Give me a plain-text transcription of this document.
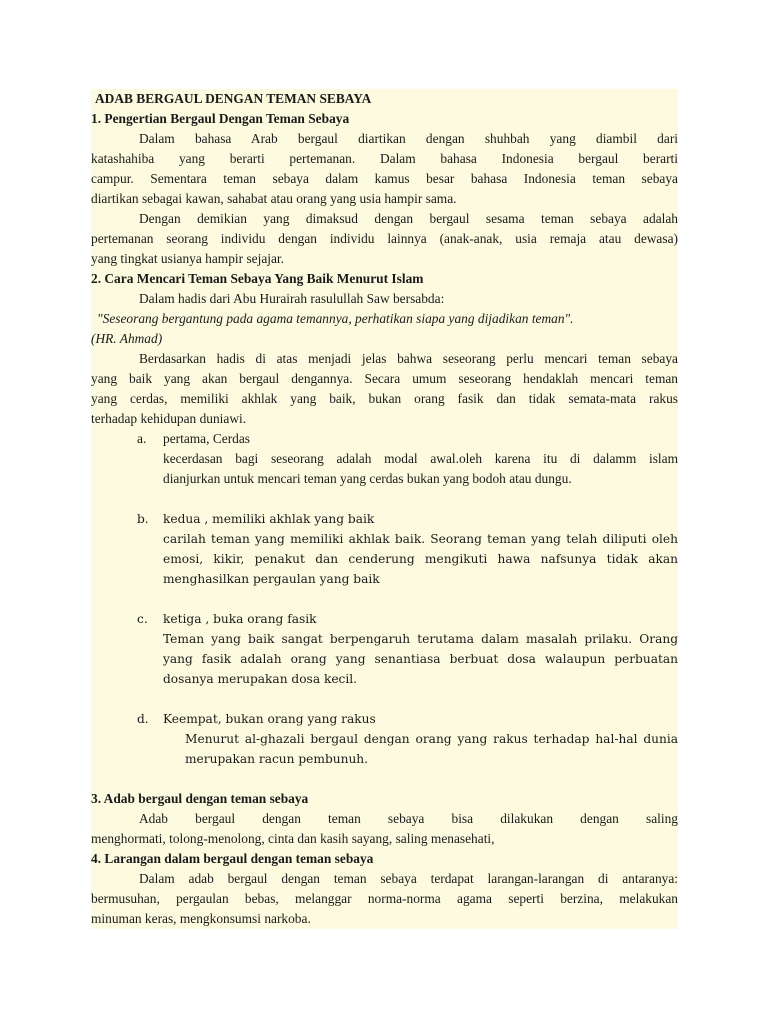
ADAB BERGAUL DENGAN TEMAN SEBAYA
1. Pengertian Bergaul Dengan Teman Sebaya
Dalam bahasa Arab bergaul diartikan dengan shuhbah yang diambil dari
katashahiba yang berarti pertemanan. Dalam bahasa Indonesia bergaul berarti
campur. Sementara teman sebaya dalam kamus besar bahasa Indonesia teman sebaya
diartikan sebagai kawan, sahabat atau orang yang usia hampir sama.
Dengan demikian yang dimaksud dengan bergaul sesama teman sebaya adalah
pertemanan seorang individu dengan individu lainnya (anak-anak, usia remaja atau dewasa)
yang tingkat usianya hampir sejajar.
2. Cara Mencari Teman Sebaya Yang Baik Menurut Islam
Dalam hadis dari Abu Hurairah rasulullah Saw bersabda:
"Seseorang bergantung pada agama temannya, perhatikan siapa yang dijadikan teman".
(HR. Ahmad)
Berdasarkan hadis di atas menjadi jelas bahwa seseorang perlu mencari teman sebaya
yang baik yang akan bergaul dengannya. Secara umum seseorang hendaklah mencari teman
yang cerdas, memiliki akhlak yang baik, bukan orang fasik dan tidak semata-mata rakus
terhadap kehidupan duniawi.
a.	pertama, Cerdas
kecerdasan bagi seseorang adalah modal awal.oleh karena itu di dalamm islam
dianjurkan untuk mencari teman yang cerdas bukan yang bodoh atau dungu.
b.	kedua , memiliki akhlak yang baik
carilah teman yang memiliki akhlak baik. Seorang teman yang telah diliputi oleh
emosi, kikir, penakut dan cenderung mengikuti hawa nafsunya tidak akan
menghasilkan pergaulan yang baik
c.	ketiga , buka orang fasik
Teman yang baik sangat berpengaruh terutama dalam masalah prilaku. Orang
yang fasik adalah orang yang senantiasa berbuat dosa walaupun perbuatan
dosanya merupakan dosa kecil.
d.	Keempat, bukan orang yang rakus
Menurut al-ghazali bergaul dengan orang yang rakus terhadap hal-hal dunia
merupakan racun pembunuh.
3. Adab bergaul dengan teman sebaya
Adab bergaul dengan teman sebaya bisa dilakukan dengan saling
menghormati, tolong-menolong, cinta dan kasih sayang, saling menasehati,
4. Larangan dalam bergaul dengan teman sebaya
Dalam adab bergaul dengan teman sebaya terdapat larangan-larangan di antaranya:
bermusuhan, pergaulan bebas, melanggar norma-norma agama seperti berzina, melakukan
minuman keras, mengkonsumsi narkoba.
